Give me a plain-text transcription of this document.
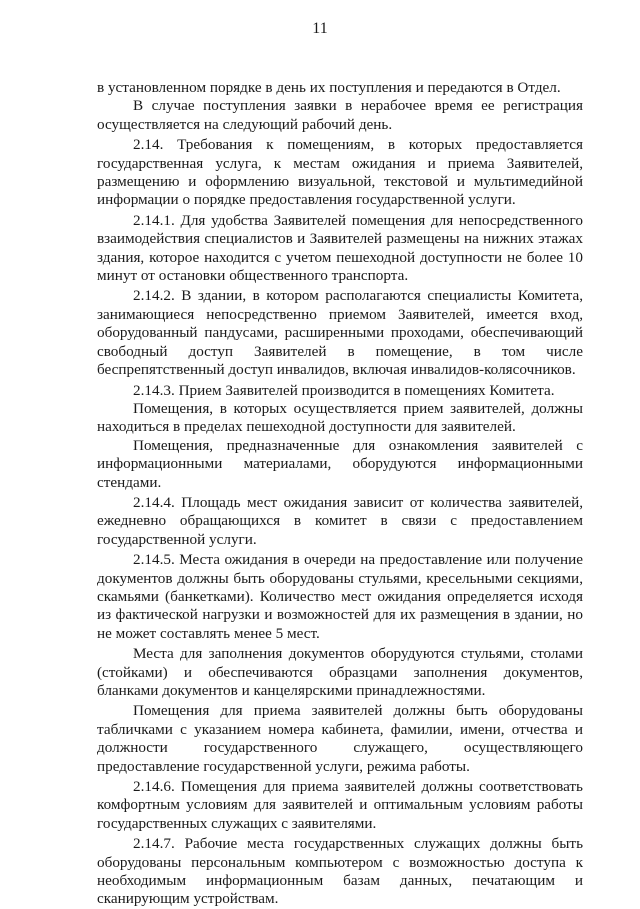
11

в установленном порядке в день их поступления и передаются в Отдел.

В случае поступления заявки в нерабочее время ее регистрация осуществляется на следующий рабочий день.

2.14. Требования к помещениям, в которых предоставляется государственная услуга, к местам ожидания и приема Заявителей, размещению и оформлению визуальной, текстовой и мультимедийной информации о порядке предоставления государственной услуги.

2.14.1. Для удобства Заявителей помещения для непосредственного взаимодействия специалистов и Заявителей размещены на нижних этажах здания, которое находится с учетом пешеходной доступности не более 10 минут от остановки общественного транспорта.

2.14.2. В здании, в котором располагаются специалисты Комитета, занимающиеся непосредственно приемом Заявителей, имеется вход, оборудованный пандусами, расширенными проходами, обеспечивающий свободный доступ Заявителей в помещение, в том числе беспрепятственный доступ инвалидов, включая инвалидов-колясочников.

2.14.3. Прием Заявителей производится в помещениях Комитета.

Помещения, в которых осуществляется прием заявителей, должны находиться в пределах пешеходной доступности для заявителей.

Помещения, предназначенные для ознакомления заявителей с информационными материалами, оборудуются информационными стендами.

2.14.4. Площадь мест ожидания зависит от количества заявителей, ежедневно обращающихся в комитет в связи с предоставлением государственной услуги.

2.14.5. Места ожидания в очереди на предоставление или получение документов должны быть оборудованы стульями, кресельными секциями, скамьями (банкетками). Количество мест ожидания определяется исходя из фактической нагрузки и возможностей для их размещения в здании, но не может составлять менее 5 мест.

Места для заполнения документов оборудуются стульями, столами (стойками) и обеспечиваются образцами заполнения документов, бланками документов и канцелярскими принадлежностями.

Помещения для приема заявителей должны быть оборудованы табличками с указанием номера кабинета, фамилии, имени, отчества и должности государственного служащего, осуществляющего предоставление государственной услуги, режима работы.

2.14.6. Помещения для приема заявителей должны соответствовать комфортным условиям для заявителей и оптимальным условиям работы государственных служащих с заявителями.

2.14.7. Рабочие места государственных служащих должны быть оборудованы персональным компьютером с возможностью доступа к необходимым информационным базам данных, печатающим и сканирующим устройствам.
